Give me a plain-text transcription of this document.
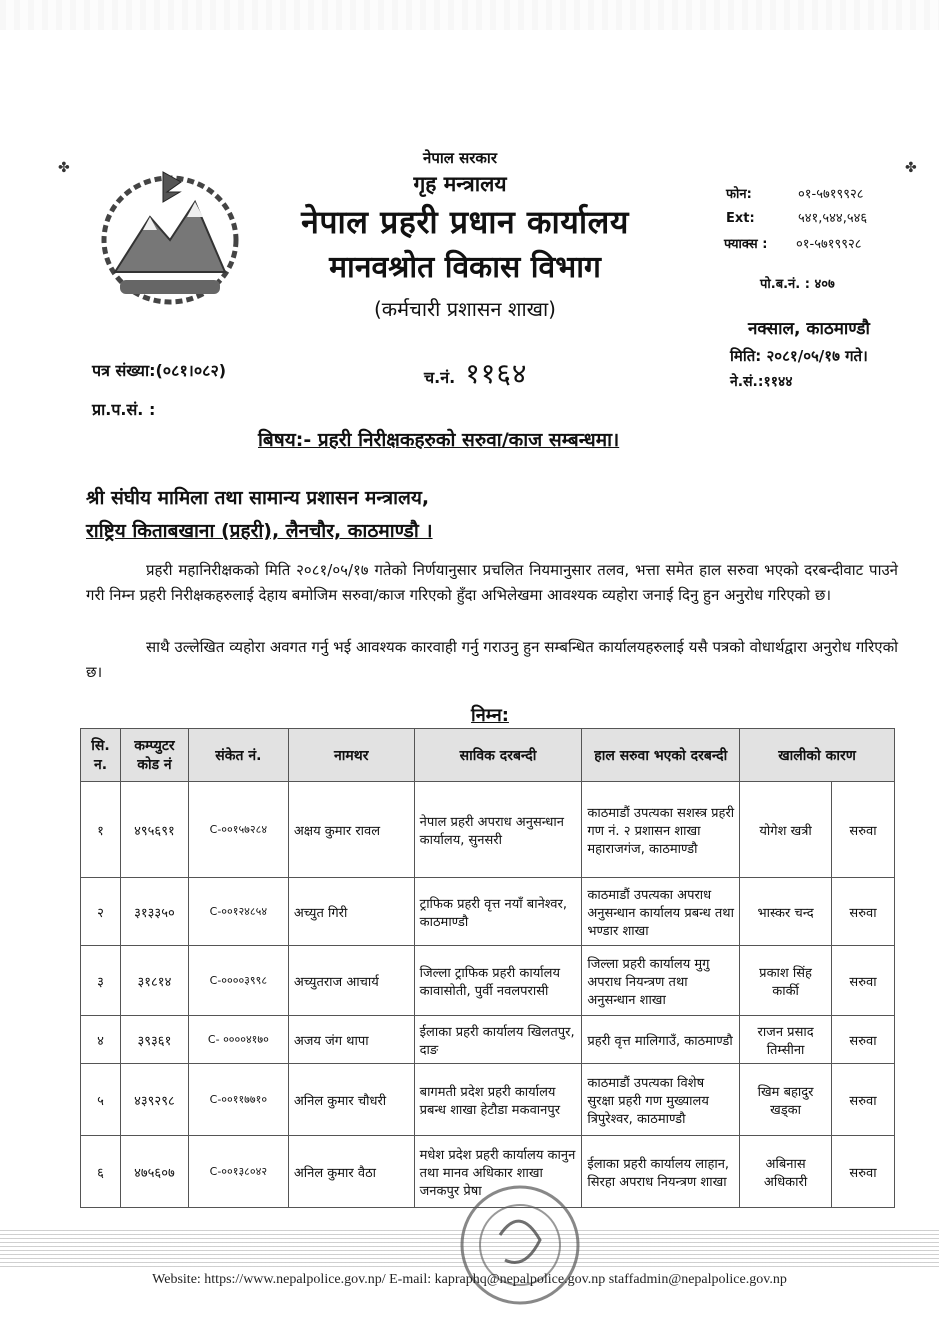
✤	✤
नेपाल सरकार
गृह मन्त्रालय
नेपाल प्रहरी प्रधान कार्यालय
मानवश्रोत विकास विभाग
(कर्मचारी प्रशासन शाखा)
फोन:	०१-५७१९९२८
Ext:	५४१,५४४,५४६
फ्याक्स : ०१-५७१९९२८
पो.ब.नं. : ४०७
नक्साल, काठमाण्डौ
मिति: २०८१/०५/१७ गते।
ने.सं.:११४४
पत्र संख्या:(०८१।०८२)	च.नं. ११६४
प्रा.प.सं. :
बिषय:- प्रहरी निरीक्षकहरुको सरुवा/काज सम्बन्धमा।
श्री संघीय मामिला तथा सामान्य प्रशासन मन्त्रालय,
राष्ट्रिय किताबखाना (प्रहरी), लैनचौर, काठमाण्डौ ।
प्रहरी महानिरीक्षकको मिति २०८१/०५/१७ गतेको निर्णयानुसार प्रचलित नियमानुसार तलव, भत्ता समेत हाल सरुवा भएको दरबन्दीवाट पाउने गरी निम्न प्रहरी निरीक्षकहरुलाई देहाय बमोजिम सरुवा/काज गरिएको हुँदा अभिलेखमा आवश्यक व्यहोरा जनाई दिनु हुन अनुरोध गरिएको छ।
साथै उल्लेखित व्यहोरा अवगत गर्नु भई आवश्यक कारवाही गर्नु गराउनु हुन सम्बन्धित कार्यालयहरुलाई यसै पत्रको वोधार्थद्वारा अनुरोध गरिएको छ।
निम्न:
सि. न.	कम्प्युटर कोड नं	संकेत नं.	नामथर	साविक दरबन्दी	हाल सरुवा भएको दरबन्दी	खालीको कारण	
१	४९५६९१	C-००१५७२८४	अक्षय कुमार रावल	नेपाल प्रहरी अपराध अनुसन्धान कार्यालय, सुनसरी	काठमाडौं उपत्यका सशस्त्र प्रहरी गण नं. २ प्रशासन शाखा महाराजगंज, काठमाण्डौ	योगेश खत्री	सरुवा
२	३१३३५०	C-००१२४८५४	अच्युत गिरी	ट्राफिक प्रहरी वृत्त नयाँ बानेश्वर, काठमाण्डौ	काठमाडौं उपत्यका अपराध अनुसन्धान कार्यालय प्रबन्ध तथा भण्डार शाखा	भास्कर चन्द	सरुवा
३	३१८१४	C-००००३९९८	अच्युतराज आचार्य	जिल्ला ट्राफिक प्रहरी कार्यालय कावासोती, पुर्वी नवलपरासी	जिल्ला प्रहरी कार्यालय मुगु अपराध नियन्त्रण तथा अनुसन्धान शाखा	प्रकाश सिंह कार्की	सरुवा
४	३९३६१	C- ००००४१७०	अजय जंग थापा	ईलाका प्रहरी कार्यालय खिलतपुर, दाङ	प्रहरी वृत्त मालिगाउँ, काठमाण्डौ	राजन प्रसाद तिम्सीना	सरुवा
५	४३९२९८	C-००११७७१०	अनिल कुमार चौधरी	बागमती प्रदेश प्रहरी कार्यालय प्रबन्ध शाखा हेटौडा मकवानपुर	काठमाडौं उपत्यका विशेष सुरक्षा प्रहरी गण मुख्यालय त्रिपुरेश्वर, काठमाण्डौ	खिम बहादुर खड्का	सरुवा
६	४७५६०७	C-००१३८०४२	अनिल कुमार वैठा	मधेश प्रदेश प्रहरी कार्यालय कानुन तथा मानव अधिकार शाखा जनकपुर प्रेषा	ईलाका प्रहरी कार्यालय लाहान, सिरहा अपराध नियन्त्रण शाखा	अबिनास अधिकारी	सरुवा
Website: https://www.nepalpolice.gov.np/ E-mail: kapraphq@nepalpolice.gov.np staffadmin@nepalpolice.gov.np
